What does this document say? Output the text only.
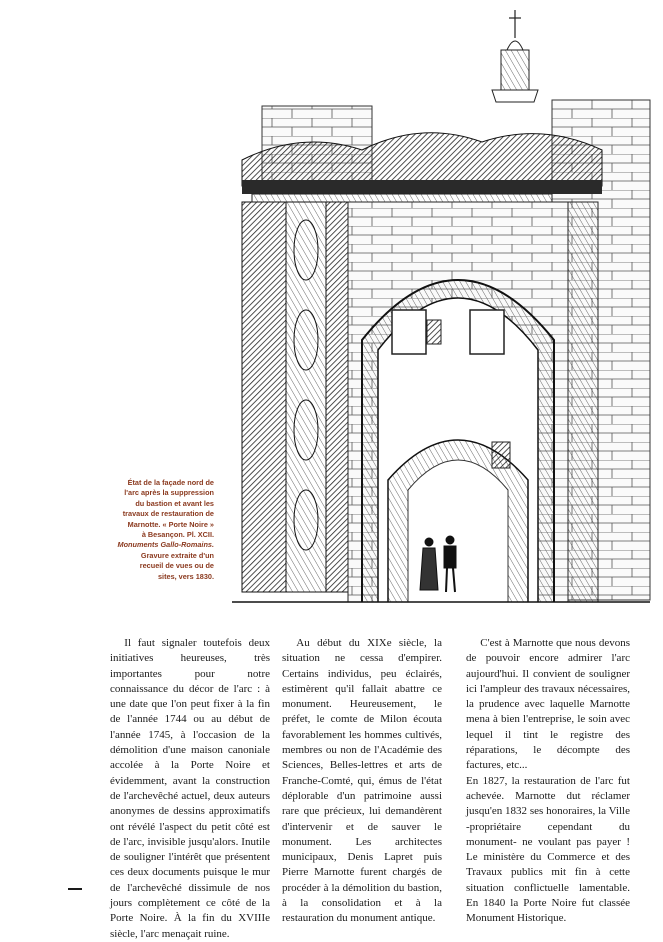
État de la façade nord de
l'arc après la suppression
du bastion et avant les
travaux de restauration de
Marnotte. « Porte Noire »
à Besançon. Pl. XCII.
Monuments Gallo-Romains.
Gravure extraite d'un
recueil de vues ou de
sites, vers 1830.

Il faut signaler toutefois deux initiatives heureuses, très importantes pour notre connaissance du décor de l'arc : à une date que l'on peut fixer à la fin de l'année 1744 ou au début de l'année 1745, à l'occasion de la démolition d'une maison canoniale accolée à la Porte Noire et évidemment, avant la construction de l'archevêché actuel, deux auteurs anonymes de dessins approximatifs ont révélé l'aspect du petit côté est de l'arc, invisible jusqu'alors. Inutile de souligner l'intérêt que présentent ces deux documents puisque le mur de l'archevêché dissimule de nos jours complètement ce côté de la Porte Noire. À la fin du XVIIIe siècle, l'arc menaçait ruine.

Au début du XIXe siècle, la situation ne cessa d'empirer. Certains individus, peu éclairés, estimèrent qu'il fallait abattre ce monument. Heureusement, le préfet, le comte de Milon écouta favorablement les hommes cultivés, membres ou non de l'Académie des Sciences, Belles-lettres et arts de Franche-Comté, qui, émus de l'état déplorable d'un patrimoine aussi rare que précieux, lui demandèrent d'intervenir et de sauver le monument. Les architectes municipaux, Denis Lapret puis Pierre Marnotte furent chargés de procéder à la démolition du bastion, à la consolidation et à la restauration du monument antique.

C'est à Marnotte que nous devons de pouvoir encore admirer l'arc aujourd'hui. Il convient de souligner ici l'ampleur des travaux nécessaires, la prudence avec laquelle Marnotte mena à bien l'entreprise, le soin avec lequel il tint le registre des réparations, le décompte des factures, etc...

En 1827, la restauration de l'arc fut achevée. Marnotte dut réclamer jusqu'en 1832 ses honoraires, la Ville -propriétaire cependant du monument- ne voulant pas payer ! Le ministère du Commerce et des Travaux publics mit fin à cette situation conflictuelle lamentable. En 1840 la Porte Noire fut classée Monument Historique.
